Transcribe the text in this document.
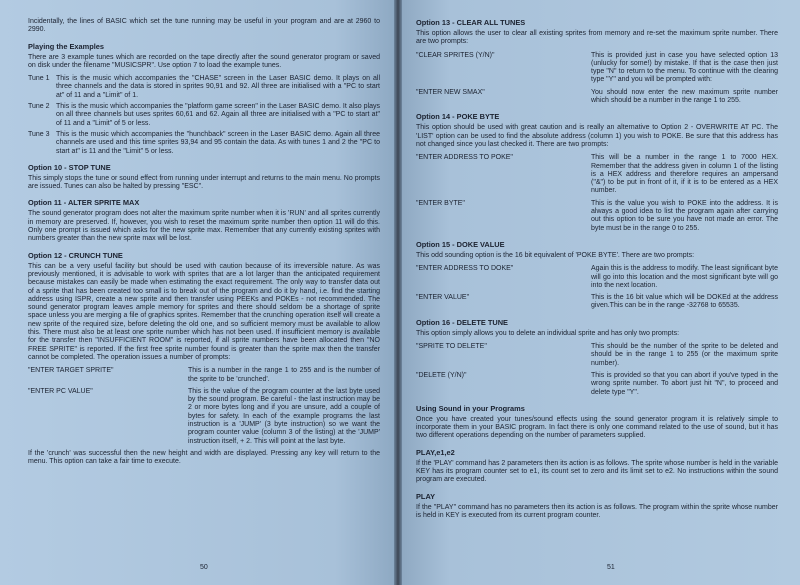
Incidentally, the lines of BASIC which set the tune running may be useful in your program and are at 2960 to 2990.

Playing the Examples

There are 3 example tunes which are recorded on the tape directly after the sound generator program or saved on disk under the filename "MUSICSPR". Use option 7 to load the example tunes.

Tune 1 This is the music which accompanies the "CHASE" screen in the Laser BASIC demo. It plays on all three channels and the data is stored in sprites 90,91 and 92. All three are initialised with a "PC to start at" of 11 and a "Limit" of 1.
Tune 2 This is the music which accompanies the "platform game screen" in the Laser BASIC demo. It also plays on all three channels but uses sprites 60,61 and 62. Again all three are initialised with a "PC to start at" of 11 and a "Limit" of 5 or less.
Tune 3 This is the music which accompanies the "hunchback" screen in the Laser BASIC demo. Again all three channels are used and this time sprites 93,94 and 95 contain the data. As with tunes 1 and 2 the "PC to start at" is 11 and the "Limit" 5 or less.
Option 10 - STOP TUNE

This simply stops the tune or sound effect from running under interrupt and returns to the main menu. No prompts are issued. Tunes can also be halted by pressing "ESC".

Option 11 - ALTER SPRITE MAX

The sound generator program does not alter the maximum sprite number when it is 'RUN' and all sprites currently in memory are preserved. If, however, you wish to reset the maximum sprite number then option 11 will do this. Only one prompt is issued which asks for the new sprite max. Remember that any currently existing sprites with numbers greater than the new sprite max will be lost.

Option 12 - CRUNCH TUNE

This can be a very useful facility but should be used with caution because of its irreversible nature. As was previously mentioned, it is advisable to work with sprites that are a lot larger than the anticipated requirement because mistakes can easily be made when estimating the exact requirement. The only way to transfer data out of a sprite that has been created too small is to break out of the program and do it by hand, i.e. find the starting address using ISPR, create a new sprite and then transfer using PEEKs and POKEs - not recommended. The sound generator program leaves ample memory for sprites and there should seldom be a shortage of sprite space unless you are merging a file of graphics sprites. Remember that the crunching operation itself will create a new sprite of the required size, before deleting the old one, and so sufficient memory must be available to allow this. There must also be at least one sprite number which has not been used. If insufficient memory is available for the transfer then "INSUFFICIENT ROOM" is reported, if all sprite numbers have been allocated then "NO FREE SPRITE" is reported. If the first free sprite number found is greater than the sprite max then the transfer cannot be completed. The operation issues a number of prompts:

"ENTER TARGET SPRITE"	This is a number in the range 1 to 255 and is the number of the sprite to be 'crunched'.
"ENTER PC VALUE"	This is the value of the program counter at the last byte used by the sound program. Be careful - the last instruction may be 2 or more bytes long and if you are unsure, add a couple of bytes for safety. In each of the example programs the last instruction is a 'JUMP' (3 byte instruction) so we want the program counter value (column 3 of the listing) at the 'JUMP' instruction itself, + 2. This will point at the last byte.

If the 'crunch' was successful then the new height and width are displayed. Pressing any key will return to the menu. This option can take a fair time to execute.

50
Option 13 - CLEAR ALL TUNES

This option allows the user to clear all existing sprites from memory and re-set the maximum sprite number. There are two prompts:

"CLEAR SPRITES (Y/N)"	This is provided just in case you have selected option 13 (unlucky for some!) by mistake. If that is the case then just type "N" to return to the menu. To continue with the clearing type "Y" and you will be prompted with:
"ENTER NEW SMAX"	You should now enter the new maximum sprite number which should be a number in the range 1 to 255.
Option 14 - POKE BYTE

This option should be used with great caution and is really an alternative to Option 2 - OVERWRITE AT PC. The 'LIST' option can be used to find the absolute address (column 1) you wish to POKE. Be sure that this address has not changed since you last checked it. There are two prompts:

"ENTER ADDRESS TO POKE"	This will be a number in the range 1 to 7000 HEX. Remember that the address given in column 1 of the listing is a HEX address and therefore requires an ampersand ("&") to be put in front of it, if it is to be entered as a HEX number.
"ENTER BYTE"	This is the value you wish to POKE into the address. It is always a good idea to list the program again after carrying out this option to be sure you have not made an error. The byte must be in the range 0 to 255.
Option 15 - DOKE VALUE

This odd sounding option is the 16 bit equivalent of 'POKE BYTE'. There are two prompts:

"ENTER ADDRESS TO DOKE"	Again this is the address to modify. The least significant byte will go into this location and the most significant byte will go into the next location.
"ENTER VALUE"	This is the 16 bit value which will be DOKEd at the address given.This can be in the range -32768 to 65535.
Option 16 - DELETE TUNE

This option simply allows you to delete an individual sprite and has only two prompts:

"SPRITE TO DELETE"	This should be the number of the sprite to be deleted and should be in the range 1 to 255 (or the maximum sprite number).
"DELETE (Y/N)"	This is provided so that you can abort if you've typed in the wrong sprite number. To abort just hit "N", to proceed and delete type "Y".
Using Sound in your Programs

Once you have created your tunes/sound effects using the sound generator program it is relatively simple to incorporate them in your BASIC program. In fact there is only one command related to the use of sound, but it has two different operations depending on the number of parameters supplied.

PLAY,e1,e2

If the 'PLAY' command has 2 parameters then its action is as follows. The sprite whose number is held in the variable KEY has its program counter set to e1, its count set to zero and its limit set to e2. No instructions within the sound program are executed.

PLAY

If the "PLAY" command has no parameters then its action is as follows. The program within the sprite whose number is held in KEY is executed from its current program counter.

51
